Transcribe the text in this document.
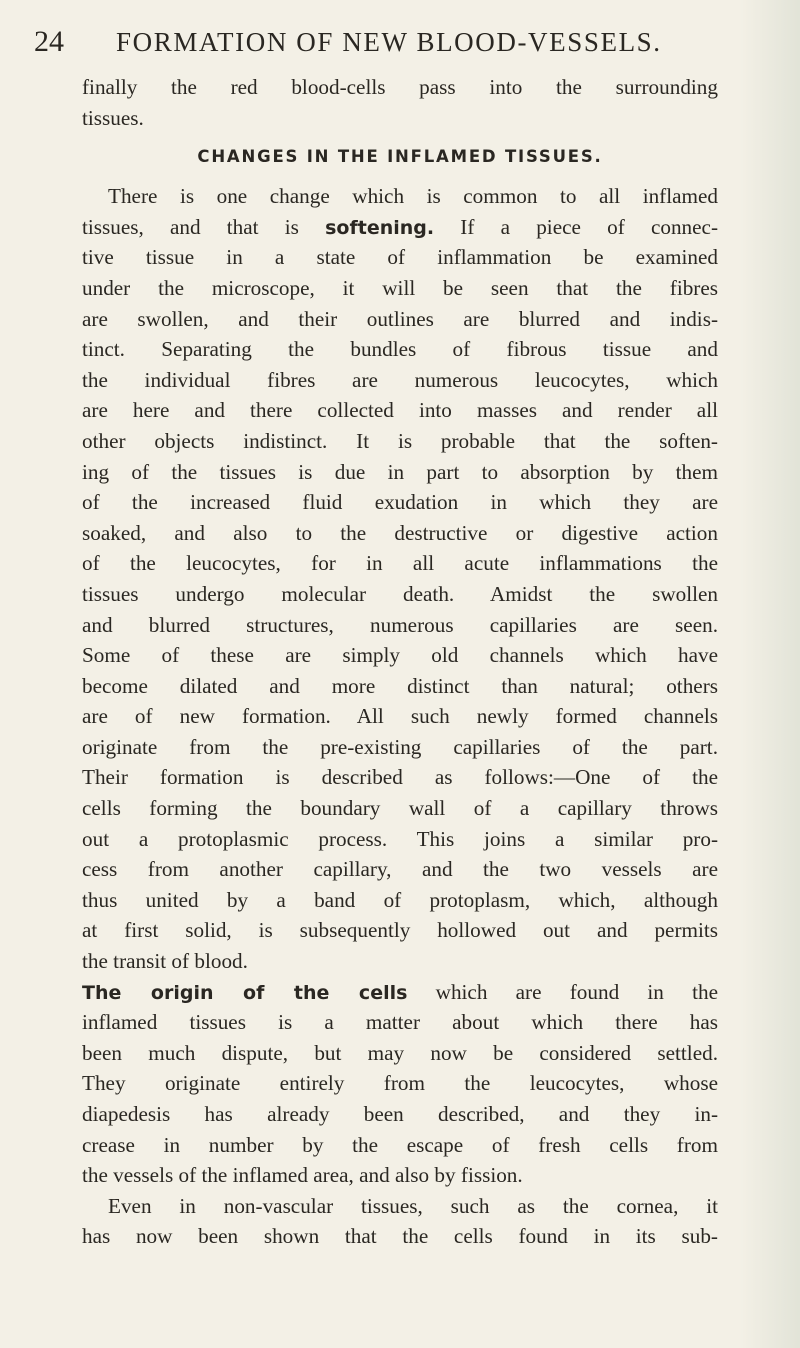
24 FORMATION OF NEW BLOOD-VESSELS.
finally the red blood-cells pass into the surrounding
tissues.
CHANGES IN THE INFLAMED TISSUES.
There is one change which is common to all inflamed
tissues, and that is softening. If a piece of connec-
tive tissue in a state of inflammation be examined
under the microscope, it will be seen that the fibres
are swollen, and their outlines are blurred and indis-
tinct. Separating the bundles of fibrous tissue and
the individual fibres are numerous leucocytes, which
are here and there collected into masses and render all
other objects indistinct. It is probable that the soften-
ing of the tissues is due in part to absorption by them
of the increased fluid exudation in which they are
soaked, and also to the destructive or digestive action
of the leucocytes, for in all acute inflammations the
tissues undergo molecular death. Amidst the swollen
and blurred structures, numerous capillaries are seen.
Some of these are simply old channels which have
become dilated and more distinct than natural; others
are of new formation. All such newly formed channels
originate from the pre-existing capillaries of the part.
Their formation is described as follows:—One of the
cells forming the boundary wall of a capillary throws
out a protoplasmic process. This joins a similar pro-
cess from another capillary, and the two vessels are
thus united by a band of protoplasm, which, although
at first solid, is subsequently hollowed out and permits
the transit of blood.
The origin of the cells which are found in the
inflamed tissues is a matter about which there has
been much dispute, but may now be considered settled.
They originate entirely from the leucocytes, whose
diapedesis has already been described, and they in-
crease in number by the escape of fresh cells from
the vessels of the inflamed area, and also by fission.
Even in non-vascular tissues, such as the cornea, it
has now been shown that the cells found in its sub-
